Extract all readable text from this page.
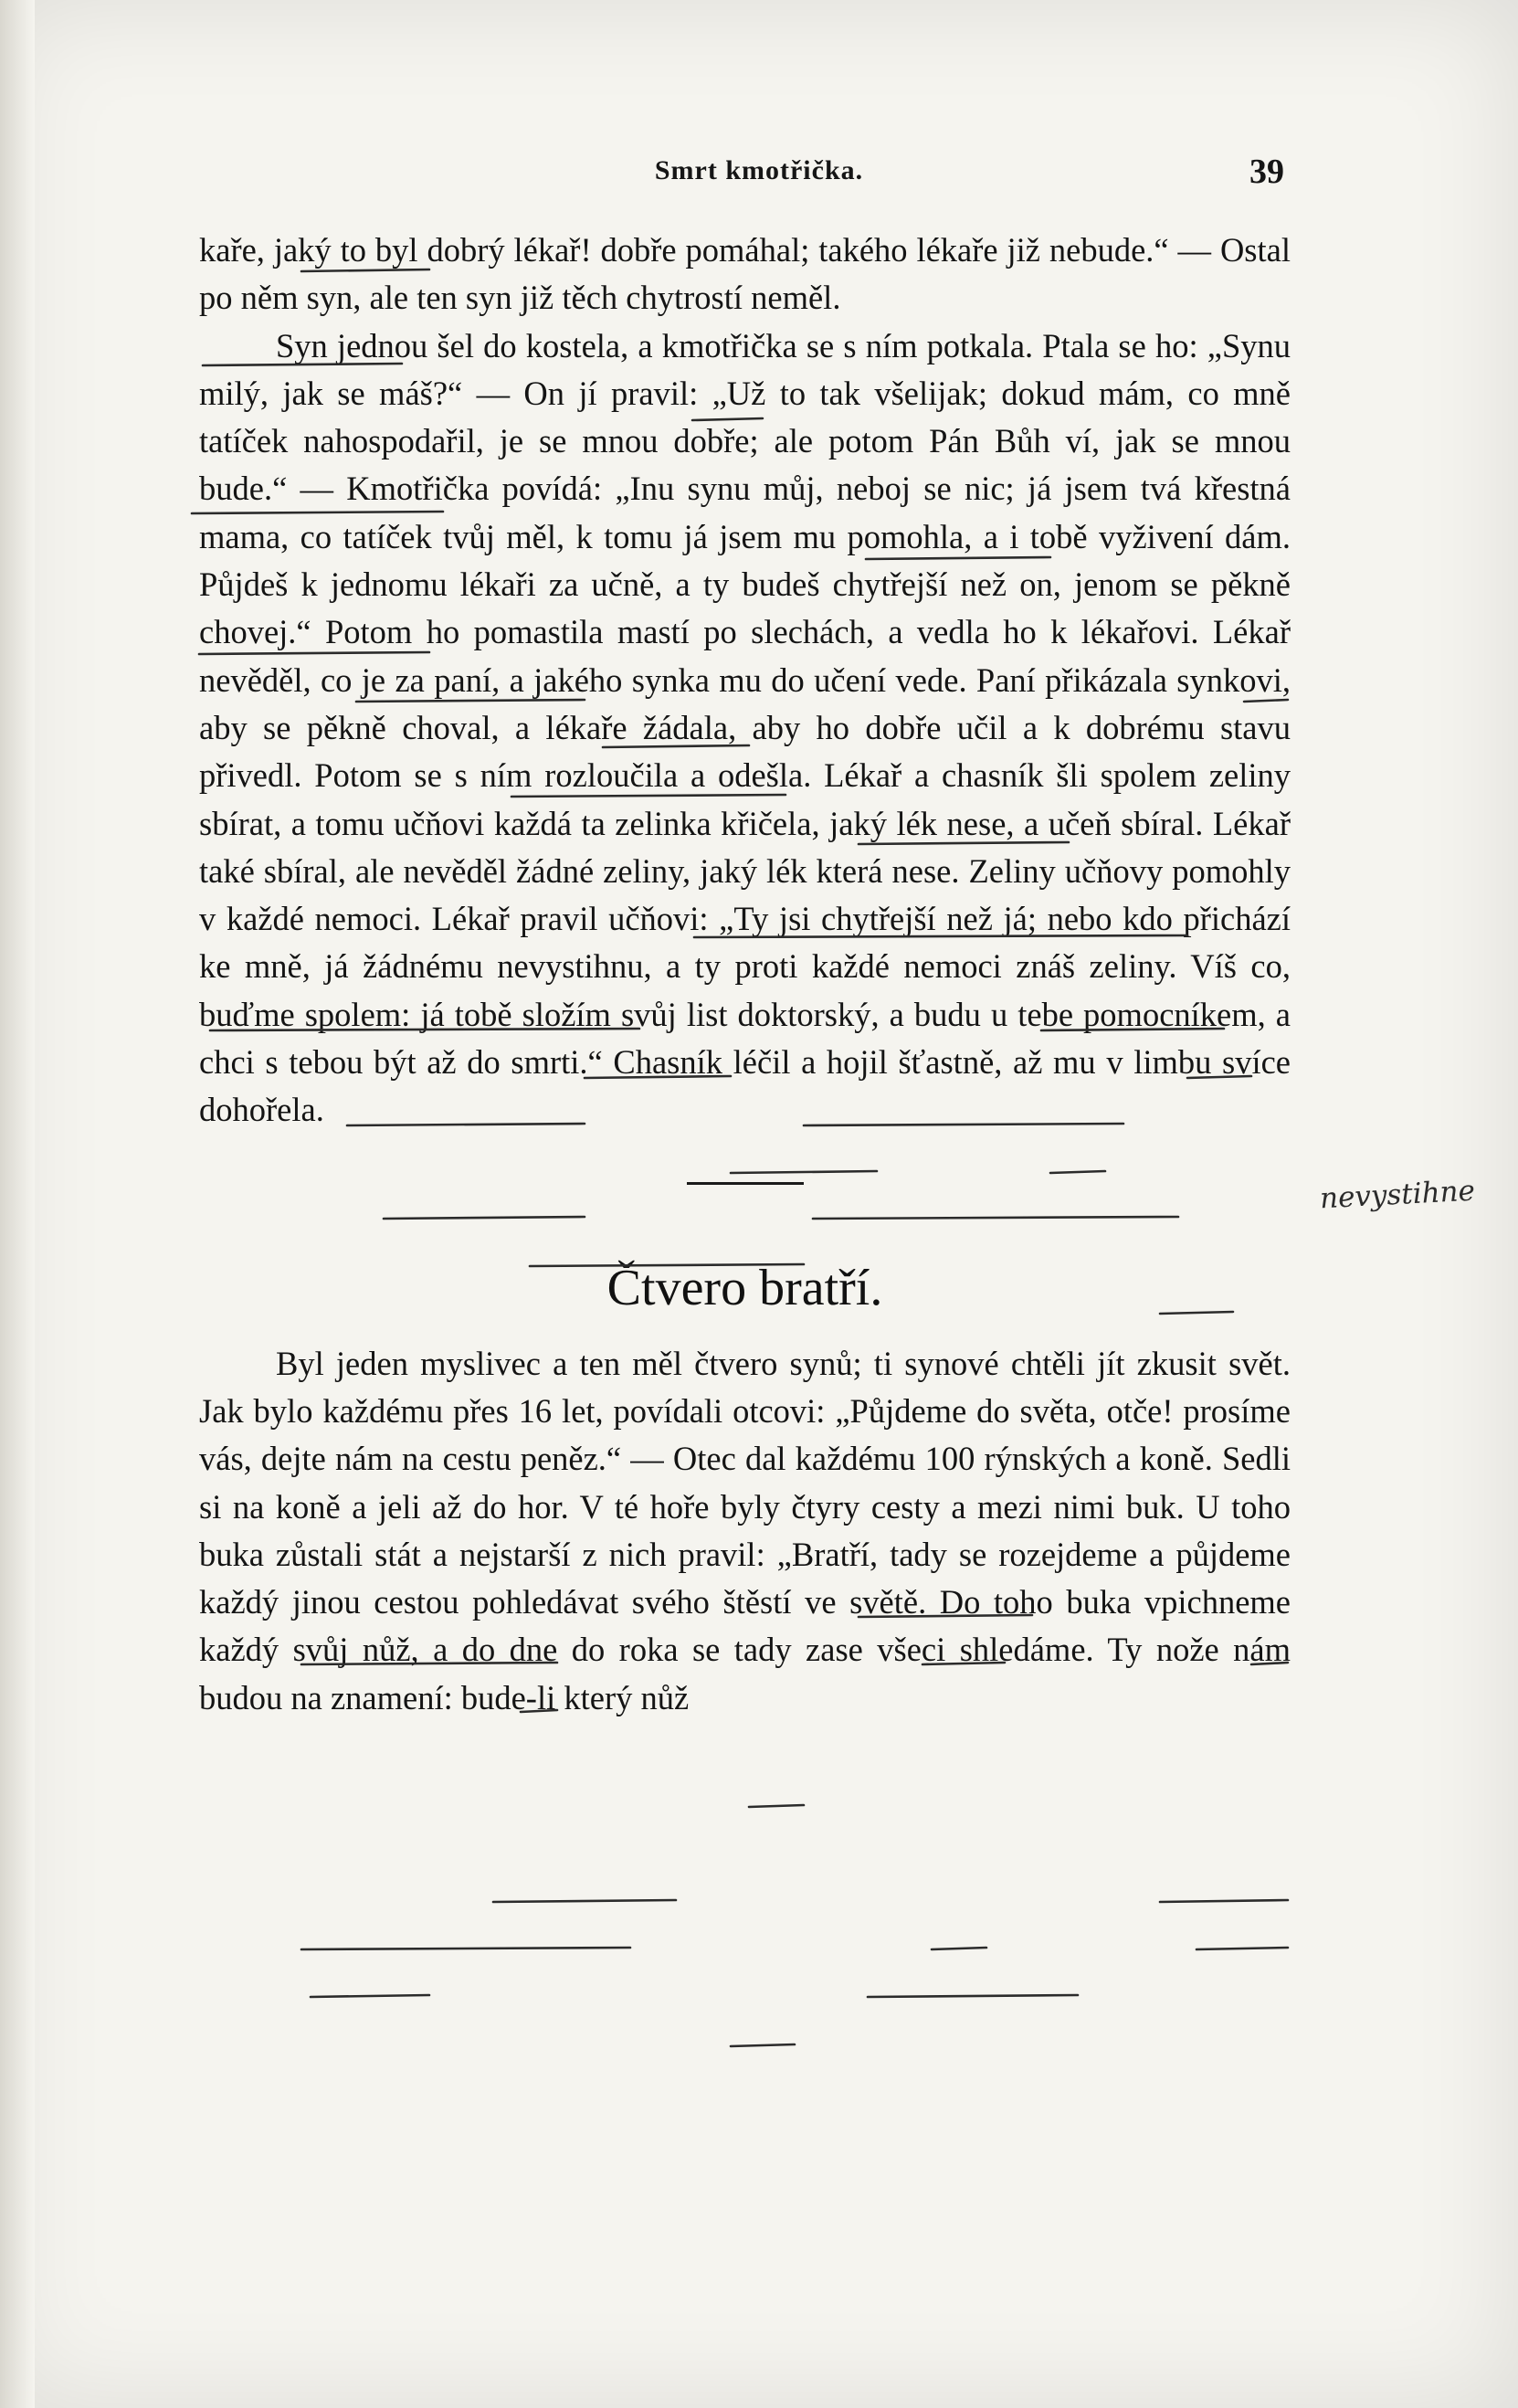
Smrt kmotřička.	39

kaře, jaký to byl dobrý lékař! dobře pomáhal; takého lékaře již nebude.“ — Ostal po něm syn, ale ten syn již těch chytrostí neměl.

Syn jednou šel do kostela, a kmotřička se s ním potkala. Ptala se ho: „Synu milý, jak se máš?“ — On jí pravil: „Už to tak všelijak; dokud mám, co mně tatíček nahospodařil, je se mnou dobře; ale potom Pán Bůh ví, jak se mnou bude.“ — Kmotřička povídá: „Inu synu můj, neboj se nic; já jsem tvá křestná mama, co tatíček tvůj měl, k tomu já jsem mu pomohla, a i tobě vyživení dám. Půjdeš k jednomu lékaři za učně, a ty budeš chytřejší než on, jenom se pěkně chovej.“ Potom ho pomastila mastí po slechách, a vedla ho k lékařovi. Lékař nevěděl, co je za paní, a jakého synka mu do učení vede. Paní přikázala synkovi, aby se pěkně choval, a lékaře žádala, aby ho dobře učil a k dobrému stavu přivedl. Potom se s ním rozloučila a odešla. Lékař a chasník šli spolem zeliny sbírat, a tomu učňovi každá ta zelinka křičela, jaký lék nese, a učeň sbíral. Lékař také sbíral, ale nevěděl žádné zeliny, jaký lék která nese. Zeliny učňovy pomohly v každé nemoci. Lékař pravil učňovi: „Ty jsi chytřejší než já; nebo kdo přichází ke mně, já žádnému nevystihnu, a ty proti každé nemoci znáš zeliny. Víš co, buďme spolem: já tobě složím svůj list doktorský, a budu u tebe pomocníkem, a chci s tebou být až do smrti.“ Chasník léčil a hojil šťastně, až mu v limbu svíce dohořela.

Čtvero bratří.

Byl jeden myslivec a ten měl čtvero synů; ti synové chtěli jít zkusit svět. Jak bylo každému přes 16 let, povídali otcovi: „Půjdeme do světa, otče! prosíme vás, dejte nám na cestu peněz.“ — Otec dal každému 100 rýnských a koně. Sedli si na koně a jeli až do hor. V té hoře byly čtyry cesty a mezi nimi buk. U toho buka zůstali stát a nejstarší z nich pravil: „Bratří, tady se rozejdeme a půjdeme každý jinou cestou pohledávat svého štěstí ve světě. Do toho buka vpichneme každý svůj nůž, a do dne do roka se tady zase všeci shledáme. Ty nože nám budou na znamení: bude-li který nůž

nevystihne
